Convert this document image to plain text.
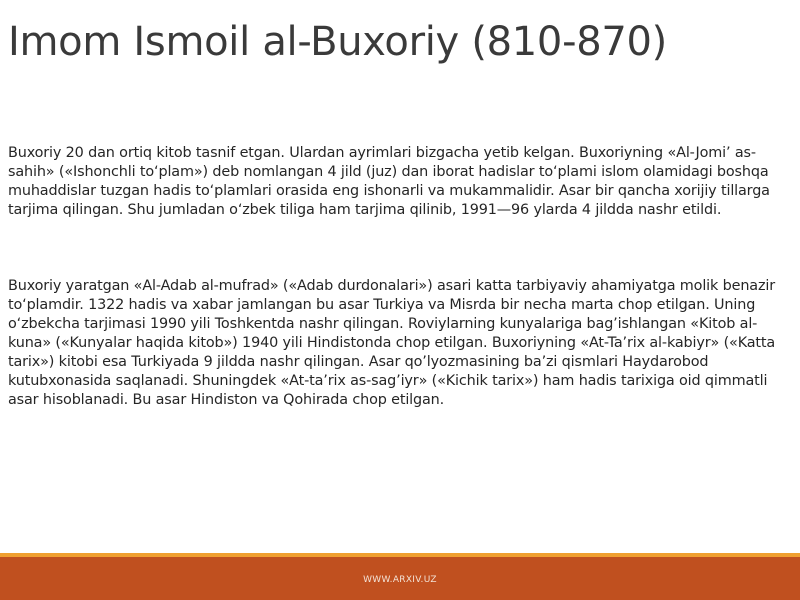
Imom Ismoil al-Buxoriy (810-870)

Buxoriy 20 dan ortiq kitob tasnif etgan. Ulardan ayrimlari bizgacha yetib kelgan. Buxoriyning «Al-Jomi’ as-sahih» («Ishonchli to‘plam») deb nomlangan 4 jild (juz) dan iborat hadislar to‘plami islom olamidagi boshqa muhaddislar tuzgan hadis to‘plamlari orasida eng ishonarli va mukammalidir. Asar bir qancha xorijiy tillarga tarjima qilingan. Shu jumladan o‘zbek tiliga ham tarjima qilinib, 1991—96 ylarda 4 jildda nashr etildi.

Buxoriy yaratgan «Al-Adab al-mufrad» («Adab durdonalari») asari katta tarbiyaviy ahamiyatga molik benazir to‘plamdir. 1322 hadis va xabar jamlangan bu asar Turkiya va Misrda bir necha marta chop etilgan. Uning o‘zbekcha tarjimasi 1990 yili Toshkentda nashr qilingan. Roviylarning kunyalariga bag’ishlangan «Kitob al-kuna» («Kunyalar haqida kitob») 1940 yili Hindistonda chop etilgan. Buxoriyning «At-Ta’rix al-kabiyr» («Katta tarix») kitobi esa Turkiyada 9 jildda nashr qilingan. Asar qo’lyozmasining ba’zi qismlari Haydarobod kutubxonasida saqlanadi. Shuningdek «At-ta’rix as-sag’iyr» («Kichik tarix») ham hadis tarixiga oid qimmatli asar hisoblanadi. Bu asar Hindiston va Qohirada chop etilgan.

WWW.ARXIV.UZ
